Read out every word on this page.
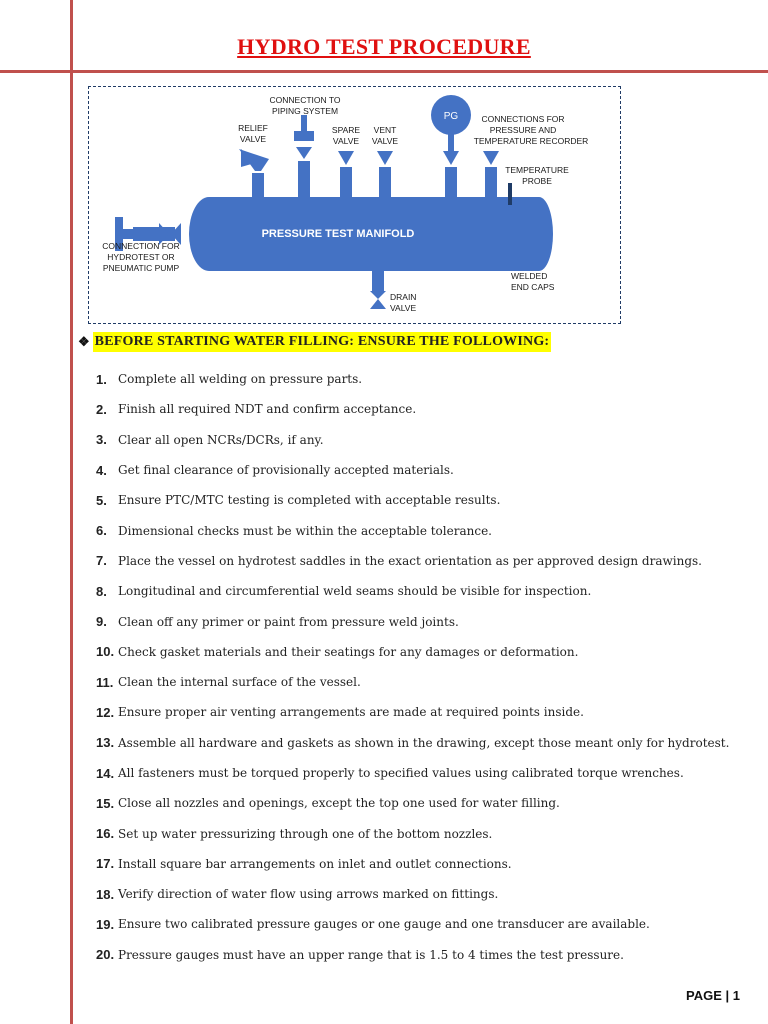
HYDRO TEST PROCEDURE
PRESSURE TEST MANIFOLD
PG
CONNECTION TO
PIPING SYSTEM
RELIEF
VALVE
SPARE
VALVE
VENT
VALVE
CONNECTIONS FOR
PRESSURE AND
TEMPERATURE RECORDER
TEMPERATURE
PROBE
CONNECTION FOR
HYDROTEST OR
PNEUMATIC PUMP
WELDED
END CAPS
DRAIN
VALVE
❖ BEFORE STARTING WATER FILLING: ENSURE THE FOLLOWING:
1. Complete all welding on pressure parts.
2. Finish all required NDT and confirm acceptance.
3. Clear all open NCRs/DCRs, if any.
4. Get final clearance of provisionally accepted materials.
5. Ensure PTC/MTC testing is completed with acceptable results.
6. Dimensional checks must be within the acceptable tolerance.
7. Place the vessel on hydrotest saddles in the exact orientation as per approved design drawings.
8. Longitudinal and circumferential weld seams should be visible for inspection.
9. Clean off any primer or paint from pressure weld joints.
10. Check gasket materials and their seatings for any damages or deformation.
11. Clean the internal surface of the vessel.
12. Ensure proper air venting arrangements are made at required points inside.
13. Assemble all hardware and gaskets as shown in the drawing, except those meant only for hydrotest.
14. All fasteners must be torqued properly to specified values using calibrated torque wrenches.
15. Close all nozzles and openings, except the top one used for water filling.
16. Set up water pressurizing through one of the bottom nozzles.
17. Install square bar arrangements on inlet and outlet connections.
18. Verify direction of water flow using arrows marked on fittings.
19. Ensure two calibrated pressure gauges or one gauge and one transducer are available.
20. Pressure gauges must have an upper range that is 1.5 to 4 times the test pressure.
PAGE | 1
